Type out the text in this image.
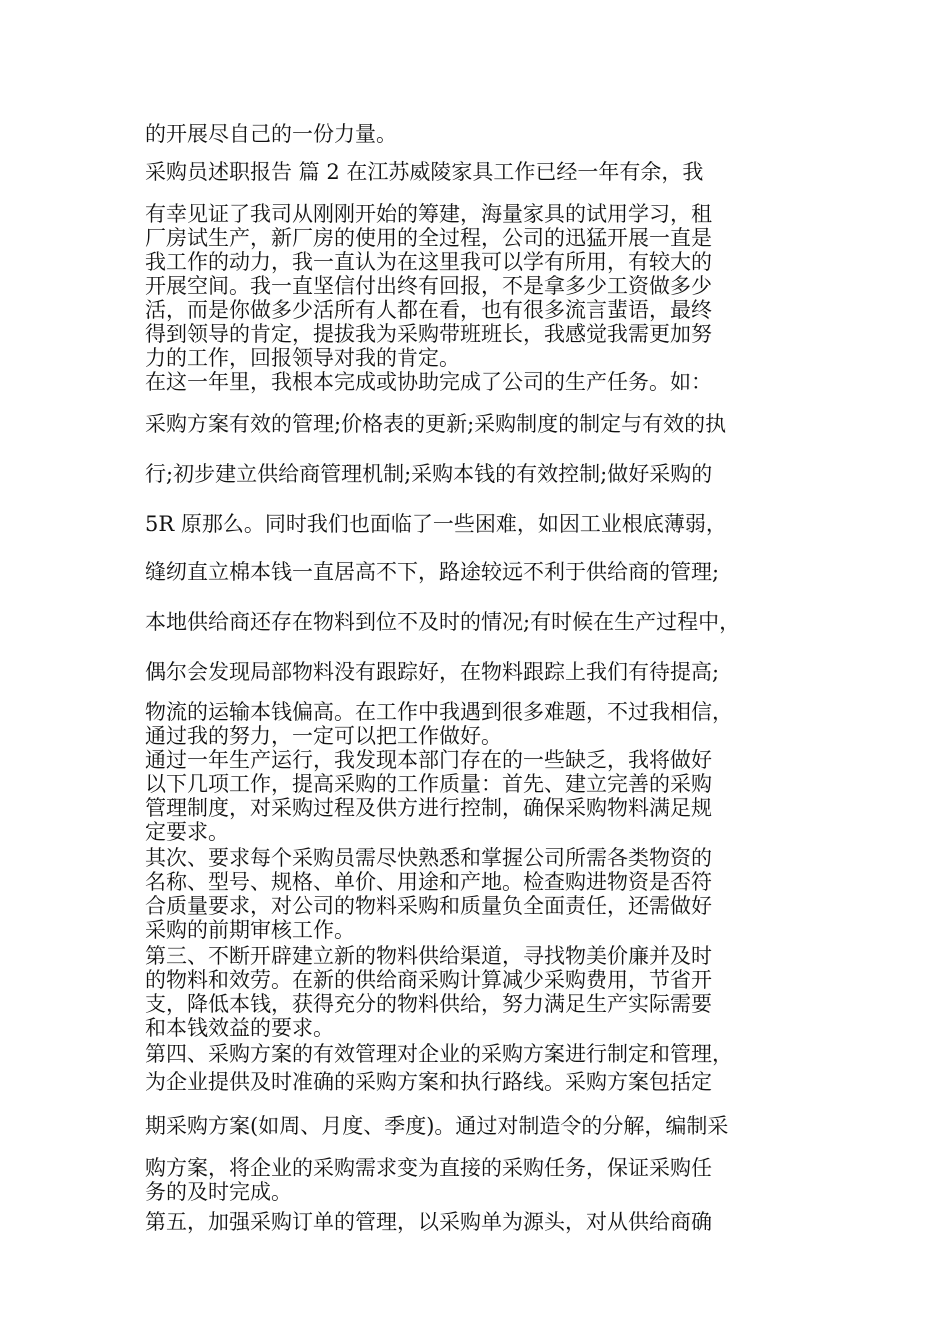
的开展尽自己的一份力量。
采购员述职报告 篇 2 在江苏威陵家具工作已经一年有余，我
有幸见证了我司从刚刚开始的筹建，海量家具的试用学习，租
厂房试生产，新厂房的使用的全过程，公司的迅猛开展一直是
我工作的动力，我一直认为在这里我可以学有所用，有较大的
开展空间。我一直坚信付出终有回报，不是拿多少工资做多少
活，而是你做多少活所有人都在看，也有很多流言蜚语，最终
得到领导的肯定，提拔我为采购带班班长，我感觉我需更加努
力的工作，回报领导对我的肯定。
在这一年里，我根本完成或协助完成了公司的生产任务。如：
采购方案有效的管理;价格表的更新;采购制度的制定与有效的执
行;初步建立供给商管理机制;采购本钱的有效控制;做好采购的
5R 原那么。同时我们也面临了一些困难，如因工业根底薄弱，
缝纫直立棉本钱一直居高不下，路途较远不利于供给商的管理;
本地供给商还存在物料到位不及时的情况;有时候在生产过程中，
偶尔会发现局部物料没有跟踪好，在物料跟踪上我们有待提高;
物流的运输本钱偏高。在工作中我遇到很多难题，不过我相信，
通过我的努力，一定可以把工作做好。
通过一年生产运行，我发现本部门存在的一些缺乏，我将做好
以下几项工作，提高采购的工作质量：首先、建立完善的采购
管理制度，对采购过程及供方进行控制，确保采购物料满足规
定要求。
其次、要求每个采购员需尽快熟悉和掌握公司所需各类物资的
名称、型号、规格、单价、用途和产地。检查购进物资是否符
合质量要求，对公司的物料采购和质量负全面责任，还需做好
采购的前期审核工作。
第三、不断开辟建立新的物料供给渠道，寻找物美价廉并及时
的物料和效劳。在新的供给商采购计算减少采购费用，节省开
支，降低本钱，获得充分的物料供给，努力满足生产实际需要
和本钱效益的要求。
第四、采购方案的有效管理对企业的采购方案进行制定和管理，
为企业提供及时准确的采购方案和执行路线。采购方案包括定
期采购方案(如周、月度、季度)。通过对制造令的分解，编制采
购方案，将企业的采购需求变为直接的采购任务，保证采购任
务的及时完成。
第五，加强采购订单的管理，以采购单为源头，对从供给商确
